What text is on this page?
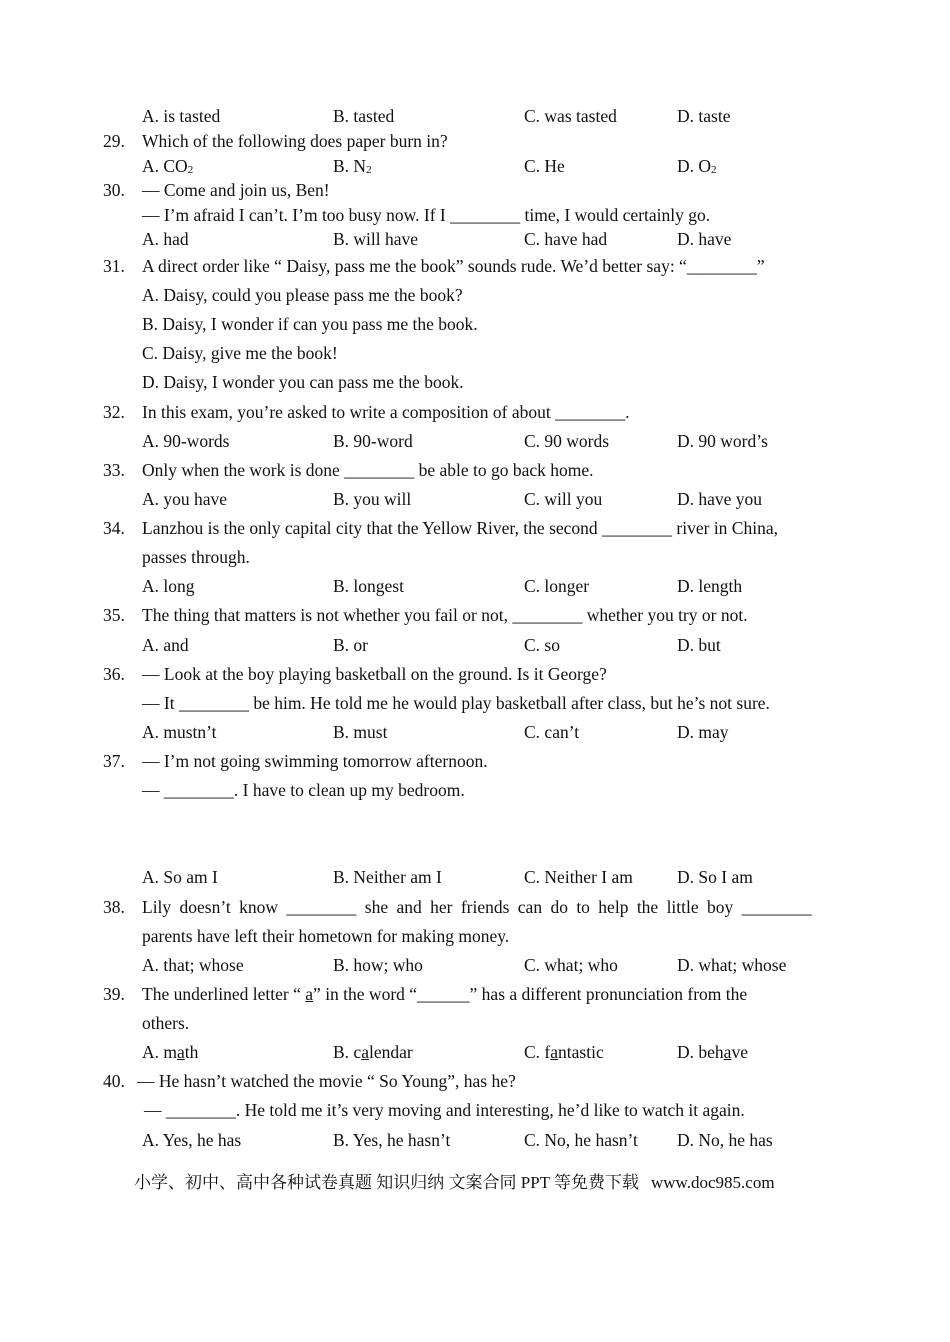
A. is tasted	B. tasted	C. was tasted	D. taste
29. Which of the following does paper burn in?
A. $CO_2$	B. $N_2$	C. He	D. $O_2$
30. — Come and join us, Ben!
— I’m afraid I can’t. I’m too busy now. If I ________ time, I would certainly go.
A. had	B. will have	C. have had	D. have
31. A direct order like “ Daisy, pass me the book” sounds rude. We’d better say: “________”
A. Daisy, could you please pass me the book?
B. Daisy, I wonder if can you pass me the book.
C. Daisy, give me the book!
D. Daisy, I wonder you can pass me the book.
32. In this exam, you’re asked to write a composition of about ________.
A. 90-words	B. 90-word	C. 90 words	D. 90 word’s
33. Only when the work is done ________ be able to go back home.
A. you have	B. you will	C. will you	D. have you
34. Lanzhou is the only capital city that the Yellow River, the second ________ river in China,
passes through.
A. long	B. longest	C. longer	D. length
35. The thing that matters is not whether you fail or not, ________ whether you try or not.
A. and	B. or	C. so	D. but
36. — Look at the boy playing basketball on the ground. Is it George?
— It ________ be him. He told me he would play basketball after class, but he’s not sure.
A. mustn’t	B. must	C. can’t	D. may
37. — I’m not going swimming tomorrow afternoon.
— ________. I have to clean up my bedroom.
A. So am I	B. Neither am I	C. Neither I am	D. So I am
38. Lily doesn’t know ________ she and her friends can do to help the little boy ________
parents have left their hometown for making money.
A. that; whose	B. how; who	C. what; who	D. what; whose
39. The underlined letter “ a” in the word “______” has a different pronunciation from the
others.
A. math	B. calendar	C. fantastic	D. behave
40. — He hasn’t watched the movie “ So Young”, has he?
— ________. He told me it’s very moving and interesting, he’d like to watch it again.
A. Yes, he has	B. Yes, he hasn’t	C. No, he hasn’t D. No, he has
小学、初中、高中各种试卷真题 知识归纳 文案合同 PPT 等免费下载 www.doc985.com
